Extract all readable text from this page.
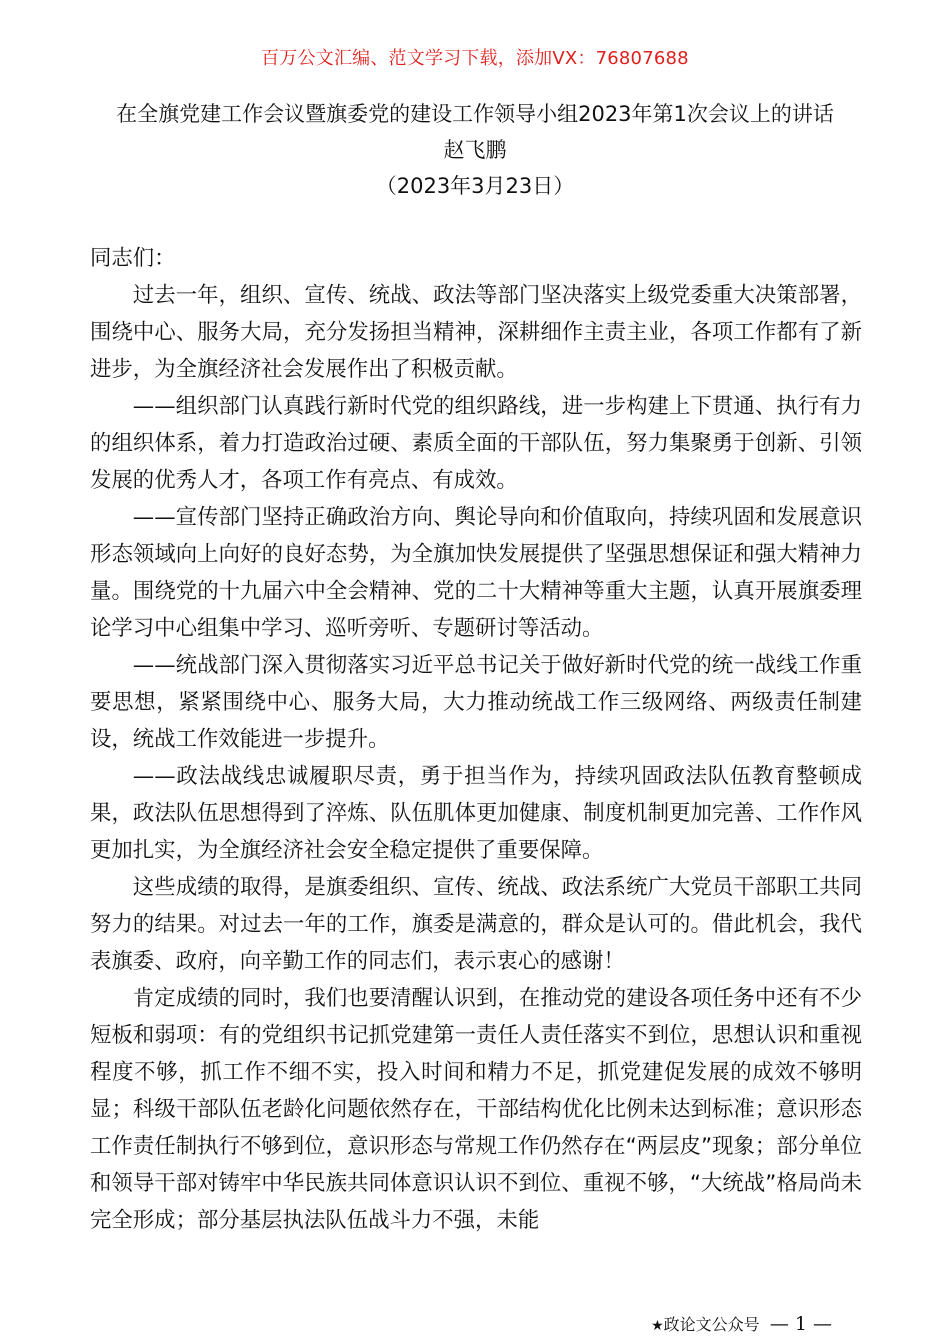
百万公文汇编、范文学习下载，添加VX：76807688
在全旗党建工作会议暨旗委党的建设工作领导小组2023年第1次会议上的讲话
赵飞鹏
（2023年3月23日）

同志们：

过去一年，组织、宣传、统战、政法等部门坚决落实上级党委重大决策部署，围绕中心、服务大局，充分发扬担当精神，深耕细作主责主业，各项工作都有了新进步，为全旗经济社会发展作出了积极贡献。

——组织部门认真践行新时代党的组织路线，进一步构建上下贯通、执行有力的组织体系，着力打造政治过硬、素质全面的干部队伍，努力集聚勇于创新、引领发展的优秀人才，各项工作有亮点、有成效。

——宣传部门坚持正确政治方向、舆论导向和价值取向，持续巩固和发展意识形态领域向上向好的良好态势，为全旗加快发展提供了坚强思想保证和强大精神力量。围绕党的十九届六中全会精神、党的二十大精神等重大主题，认真开展旗委理论学习中心组集中学习、巡听旁听、专题研讨等活动。

——统战部门深入贯彻落实习近平总书记关于做好新时代党的统一战线工作重要思想，紧紧围绕中心、服务大局，大力推动统战工作三级网络、两级责任制建设，统战工作效能进一步提升。

——政法战线忠诚履职尽责，勇于担当作为，持续巩固政法队伍教育整顿成果，政法队伍思想得到了淬炼、队伍肌体更加健康、制度机制更加完善、工作作风更加扎实，为全旗经济社会安全稳定提供了重要保障。

这些成绩的取得，是旗委组织、宣传、统战、政法系统广大党员干部职工共同努力的结果。对过去一年的工作，旗委是满意的，群众是认可的。借此机会，我代表旗委、政府，向辛勤工作的同志们，表示衷心的感谢！

肯定成绩的同时，我们也要清醒认识到，在推动党的建设各项任务中还有不少短板和弱项：有的党组织书记抓党建第一责任人责任落实不到位，思想认识和重视程度不够，抓工作不细不实，投入时间和精力不足，抓党建促发展的成效不够明显；科级干部队伍老龄化问题依然存在，干部结构优化比例未达到标准；意识形态工作责任制执行不够到位，意识形态与常规工作仍然存在“两层皮”现象；部分单位和领导干部对铸牢中华民族共同体意识认识不到位、重视不够，“大统战”格局尚未完全形成；部分基层执法队伍战斗力不强，未能

★政论文公众号 — 1 —
